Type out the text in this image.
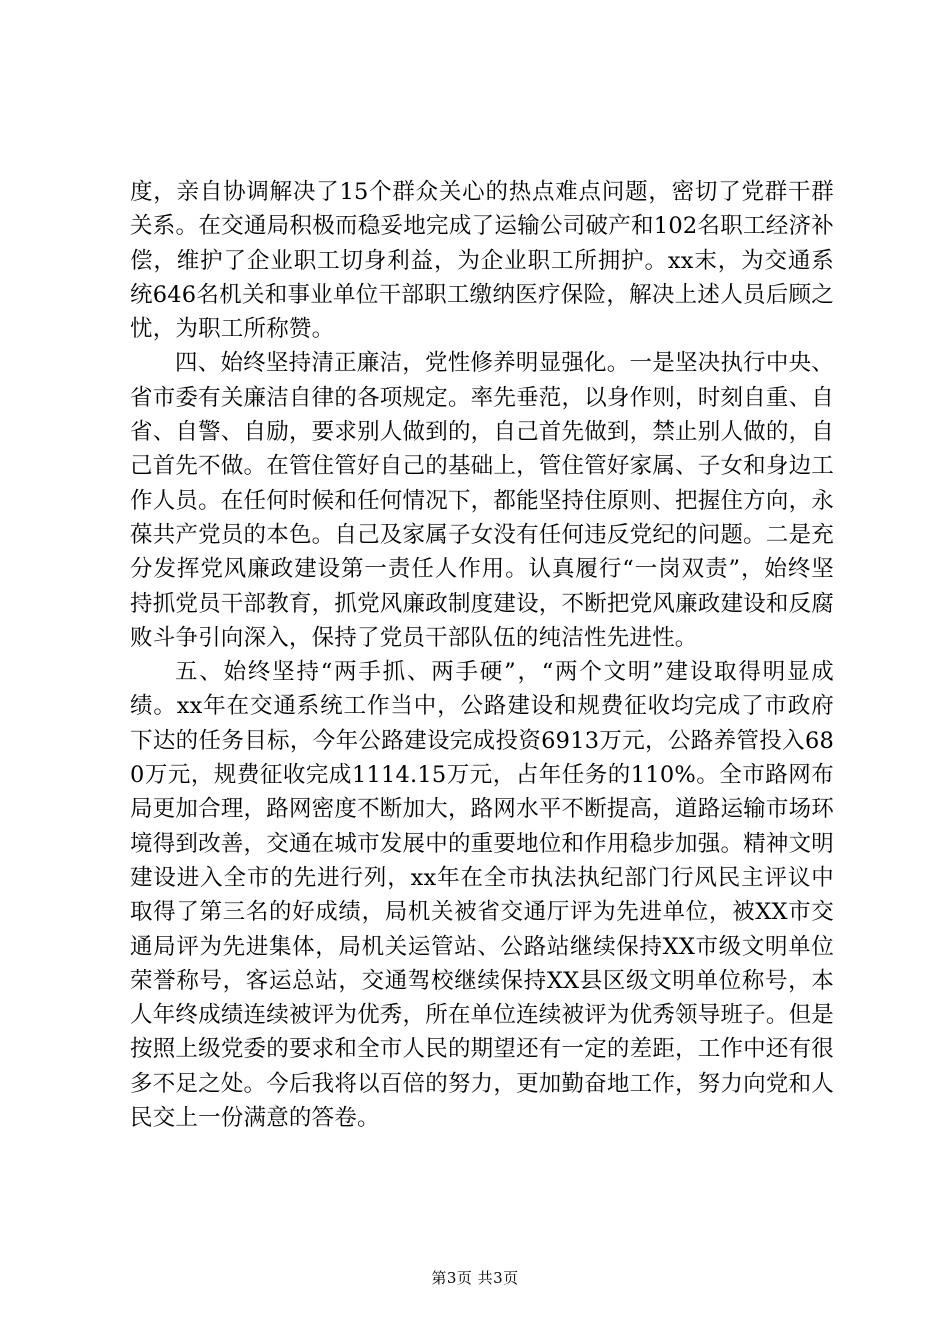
度，亲自协调解决了15个群众关心的热点难点问题，密切了党群干群关系。在交通局积极而稳妥地完成了运输公司破产和102名职工经济补偿，维护了企业职工切身利益，为企业职工所拥护。xx末，为交通系统646名机关和事业单位干部职工缴纳医疗保险，解决上述人员后顾之忧，为职工所称赞。

四、始终坚持清正廉洁，党性修养明显强化。一是坚决执行中央、省市委有关廉洁自律的各项规定。率先垂范，以身作则，时刻自重、自省、自警、自励，要求别人做到的，自己首先做到，禁止别人做的，自己首先不做。在管住管好自己的基础上，管住管好家属、子女和身边工作人员。在任何时候和任何情况下，都能坚持住原则、把握住方向，永葆共产党员的本色。自己及家属子女没有任何违反党纪的问题。二是充分发挥党风廉政建设第一责任人作用。认真履行“一岗双责”，始终坚持抓党员干部教育，抓党风廉政制度建设，不断把党风廉政建设和反腐败斗争引向深入，保持了党员干部队伍的纯洁性先进性。

五、始终坚持“两手抓、两手硬”，“两个文明”建设取得明显成绩。xx年在交通系统工作当中，公路建设和规费征收均完成了市政府下达的任务目标，今年公路建设完成投资6913万元，公路养管投入680万元，规费征收完成1114.15万元，占年任务的110%。全市路网布局更加合理，路网密度不断加大，路网水平不断提高，道路运输市场环境得到改善，交通在城市发展中的重要地位和作用稳步加强。精神文明建设进入全市的先进行列，xx年在全市执法执纪部门行风民主评议中取得了第三名的好成绩，局机关被省交通厅评为先进单位，被XX市交通局评为先进集体，局机关运管站、公路站继续保持XX市级文明单位荣誉称号，客运总站，交通驾校继续保持XX县区级文明单位称号，本人年终成绩连续被评为优秀，所在单位连续被评为优秀领导班子。但是按照上级党委的要求和全市人民的期望还有一定的差距，工作中还有很多不足之处。今后我将以百倍的努力，更加勤奋地工作，努力向党和人民交上一份满意的答卷。

第3页 共3页
